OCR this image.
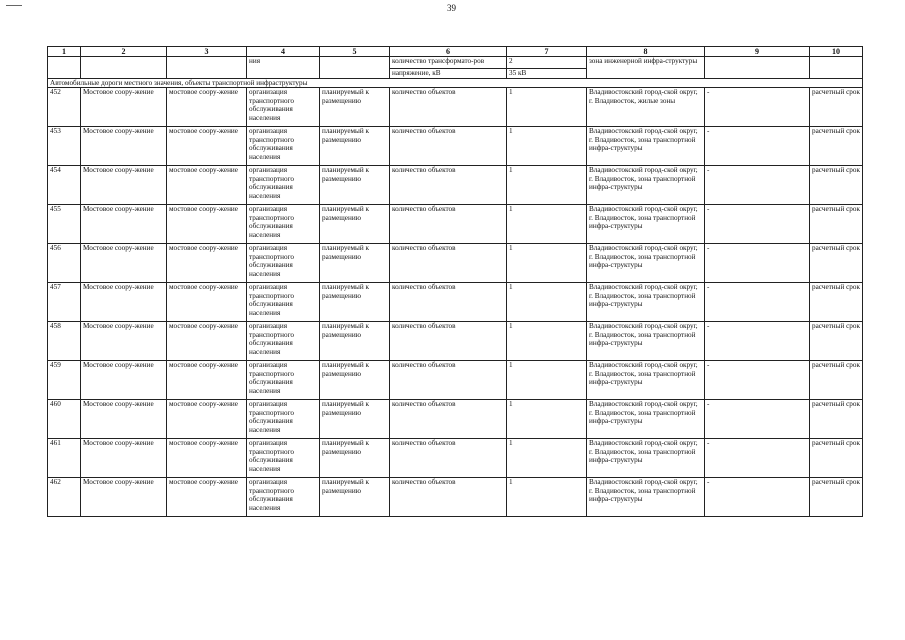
39
1	2	3	4	5	6	7	8	9	10
			ния		количество трансформато-ров	2	зона инженерной инфра-структуры		
					напряжение, кВ	35 кВ			
Автомобильные дороги местного значения, объекты транспортной инфраструктуры									
452	Мостовое соору-жение	мостовое соору-жение	организация транспортного обслуживания населения	планируемый к размещению	количество объектов	1	Владивостокский город-ской округ, г. Владивосток, жилые зоны	-	расчетный срок
453	Мостовое соору-жение	мостовое соору-жение	организация транспортного обслуживания населения	планируемый к размещению	количество объектов	1	Владивостокский город-ской округ, г. Владивосток, зона транспортной инфра-структуры	-	расчетный срок
454	Мостовое соору-жение	мостовое соору-жение	организация транспортного обслуживания населения	планируемый к размещению	количество объектов	1	Владивостокский город-ской округ, г. Владивосток, зона транспортной инфра-структуры	-	расчетный срок
455	Мостовое соору-жение	мостовое соору-жение	организация транспортного обслуживания населения	планируемый к размещению	количество объектов	1	Владивостокский город-ской округ, г. Владивосток, зона транспортной инфра-структуры	-	расчетный срок
456	Мостовое соору-жение	мостовое соору-жение	организация транспортного обслуживания населения	планируемый к размещению	количество объектов	1	Владивостокский город-ской округ, г. Владивосток, зона транспортной инфра-структуры	-	расчетный срок
457	Мостовое соору-жение	мостовое соору-жение	организация транспортного обслуживания населения	планируемый к размещению	количество объектов	1	Владивостокский город-ской округ, г. Владивосток, зона транспортной инфра-структуры	-	расчетный срок
458	Мостовое соору-жение	мостовое соору-жение	организация транспортного обслуживания населения	планируемый к размещению	количество объектов	1	Владивостокский город-ской округ, г. Владивосток, зона транспортной инфра-структуры	-	расчетный срок
459	Мостовое соору-жение	мостовое соору-жение	организация транспортного обслуживания населения	планируемый к размещению	количество объектов	1	Владивостокский город-ской округ, г. Владивосток, зона транспортной инфра-структуры	-	расчетный срок
460	Мостовое соору-жение	мостовое соору-жение	организация транспортного обслуживания населения	планируемый к размещению	количество объектов	1	Владивостокский город-ской округ, г. Владивосток, зона транспортной инфра-структуры	-	расчетный срок
461	Мостовое соору-жение	мостовое соору-жение	организация транспортного обслуживания населения	планируемый к размещению	количество объектов	1	Владивостокский город-ской округ, г. Владивосток, зона транспортной инфра-структуры	-	расчетный срок
462	Мостовое соору-жение	мостовое соору-жение	организация транспортного обслуживания населения	планируемый к размещению	количество объектов	1	Владивостокский город-ской округ, г. Владивосток, зона транспортной инфра-структуры	-	расчетный срок
